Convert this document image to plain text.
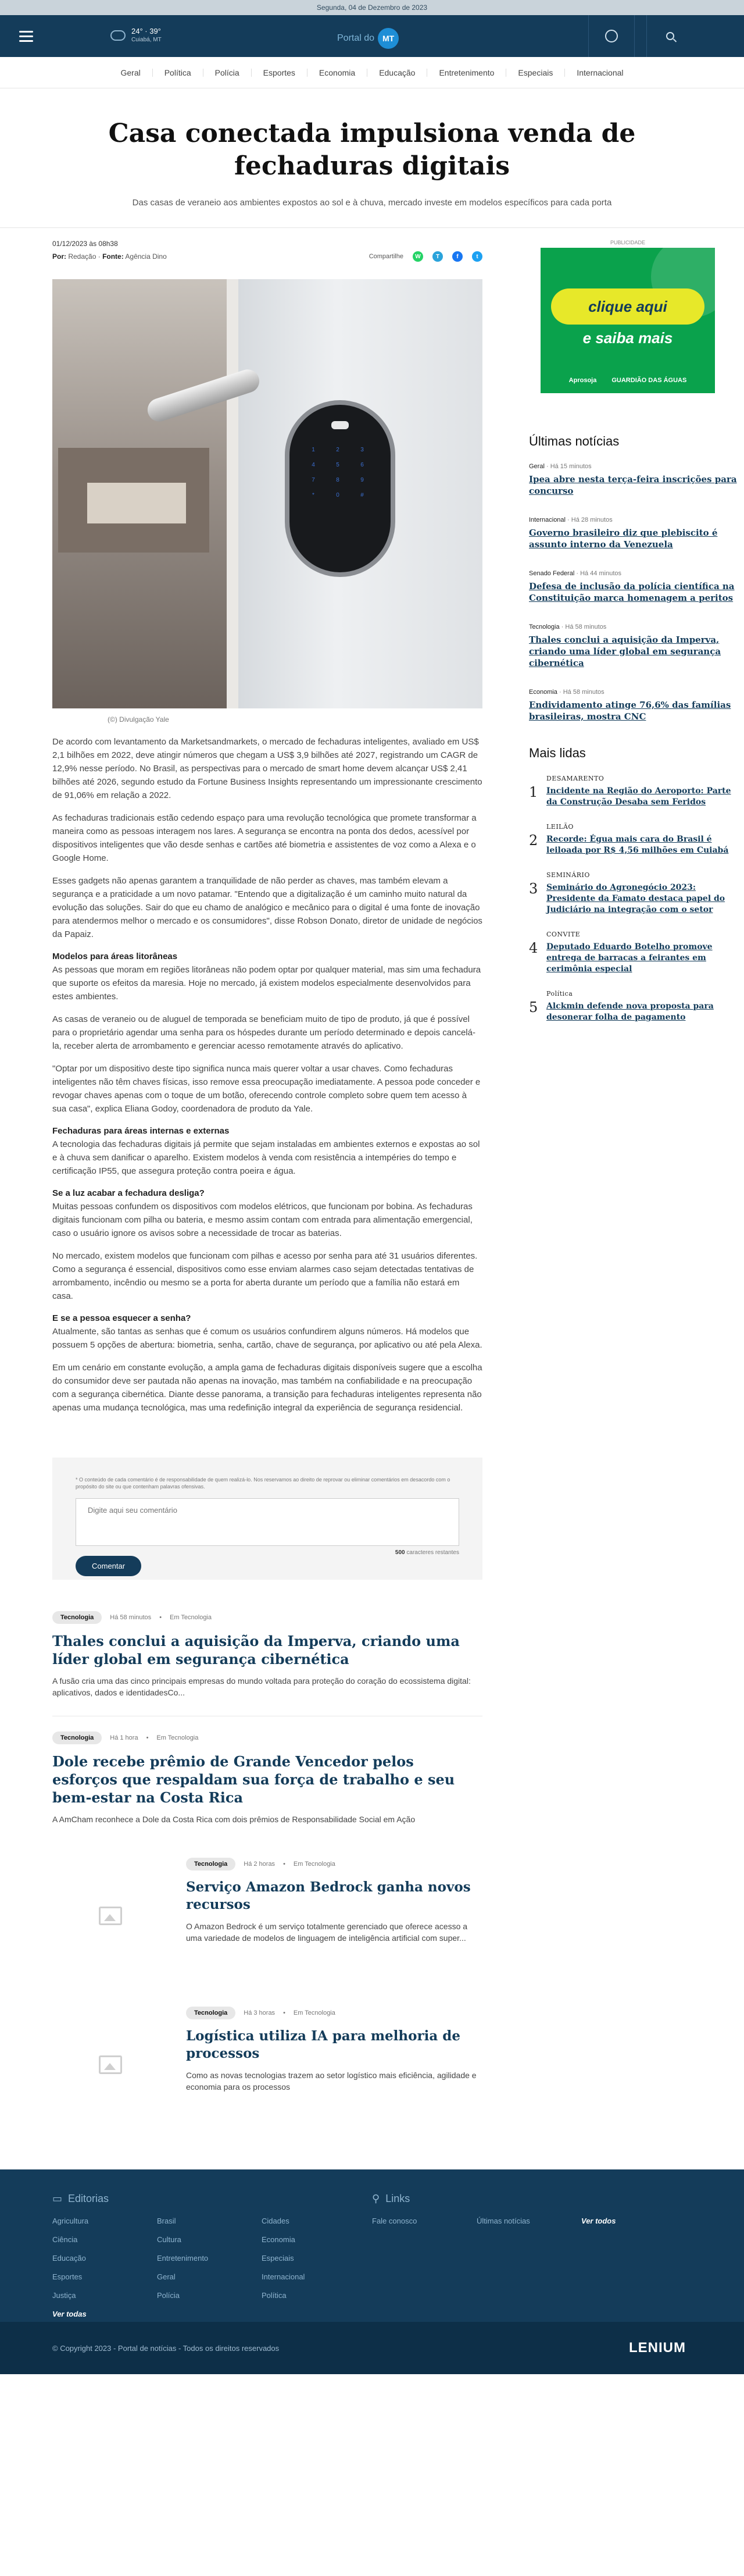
Segunda, 04 de Dezembro de 2023
24° · 39°
Cuiabá, MT	Portal do MT
Geral	Política	Polícia	Esportes	Economia	Educação	Entretenimento	Especiais	Internacional
Casa conectada impulsiona venda de fechaduras digitais

Das casas de veraneio aos ambientes expostos ao sol e à chuva, mercado investe em modelos específicos para cada porta

01/12/2023 às 08h38
Por: Redação · Fonte: Agência Dino	Compartilhe	W	T	f	t
1	2	3
4	5	6
7	8	9
*	0	#
(©) Divulgação Yale

De acordo com levantamento da Marketsandmarkets, o mercado de fechaduras inteligentes, avaliado em US$ 2,1 bilhões em 2022, deve atingir números que chegam a US$ 3,9 bilhões até 2027, registrando um CAGR de 12,9% nesse período. No Brasil, as perspectivas para o mercado de smart home devem alcançar US$ 2,41 bilhões até 2026, segundo estudo da Fortune Business Insights representando um impressionante crescimento de 91,06% em relação a 2022.

As fechaduras tradicionais estão cedendo espaço para uma revolução tecnológica que promete transformar a maneira como as pessoas interagem nos lares. A segurança se encontra na ponta dos dedos, acessível por dispositivos inteligentes que vão desde senhas e cartões até biometria e assistentes de voz como a Alexa e o Google Home.

Esses gadgets não apenas garantem a tranquilidade de não perder as chaves, mas também elevam a segurança e a praticidade a um novo patamar. "Entendo que a digitalização é um caminho muito natural da evolução das soluções. Sair do que eu chamo de analógico e mecânico para o digital é uma fonte de inovação para atendermos melhor o mercado e os consumidores", disse Robson Donato, diretor de unidade de negócios da Papaiz.

Modelos para áreas litorâneas

As pessoas que moram em regiões litorâneas não podem optar por qualquer material, mas sim uma fechadura que suporte os efeitos da maresia. Hoje no mercado, já existem modelos especialmente desenvolvidos para estes ambientes.

As casas de veraneio ou de aluguel de temporada se beneficiam muito de tipo de produto, já que é possível para o proprietário agendar uma senha para os hóspedes durante um período determinado e depois cancelá-la, receber alerta de arrombamento e gerenciar acesso remotamente através do aplicativo.

"Optar por um dispositivo deste tipo significa nunca mais querer voltar a usar chaves. Como fechaduras inteligentes não têm chaves físicas, isso remove essa preocupação imediatamente. A pessoa pode conceder e revogar chaves apenas com o toque de um botão, oferecendo controle completo sobre quem tem acesso à sua casa", explica Eliana Godoy, coordenadora de produto da Yale.

Fechaduras para áreas internas e externas

A tecnologia das fechaduras digitais já permite que sejam instaladas em ambientes externos e expostas ao sol e à chuva sem danificar o aparelho. Existem modelos à venda com resistência a intempéries do tempo e certificação IP55, que assegura proteção contra poeira e água.

Se a luz acabar a fechadura desliga?

Muitas pessoas confundem os dispositivos com modelos elétricos, que funcionam por bobina. As fechaduras digitais funcionam com pilha ou bateria, e mesmo assim contam com entrada para alimentação emergencial, caso o usuário ignore os avisos sobre a necessidade de trocar as baterias.

No mercado, existem modelos que funcionam com pilhas e acesso por senha para até 31 usuários diferentes. Como a segurança é essencial, dispositivos como esse enviam alarmes caso sejam detectadas tentativas de arrombamento, incêndio ou mesmo se a porta for aberta durante um período que a família não estará em casa.

E se a pessoa esquecer a senha?

Atualmente, são tantas as senhas que é comum os usuários confundirem alguns números. Há modelos que possuem 5 opções de abertura: biometria, senha, cartão, chave de segurança, por aplicativo ou até pela Alexa.

Em um cenário em constante evolução, a ampla gama de fechaduras digitais disponíveis sugere que a escolha do consumidor deve ser pautada não apenas na inovação, mas também na confiabilidade e na preocupação com a segurança cibernética. Diante desse panorama, a transição para fechaduras inteligentes representa não apenas uma mudança tecnológica, mas uma redefinição integral da experiência de segurança residencial.

* O conteúdo de cada comentário é de responsabilidade de quem realizá-lo. Nos reservamos ao direito de reprovar ou eliminar comentários em desacordo com o propósito do site ou que contenham palavras ofensivas.
Digite aqui seu comentário
500 caracteres restantes
Comentar
Tecnologia	Há 58 minutos • Em Tecnologia
Thales conclui a aquisição da Imperva, criando uma líder global em segurança cibernética

A fusão cria uma das cinco principais empresas do mundo voltada para proteção do coração do ecossistema digital: aplicativos, dados e identidadesCo...

Tecnologia	Há 1 hora • Em Tecnologia
Dole recebe prêmio de Grande Vencedor pelos esforços que respaldam sua força de trabalho e seu bem-estar na Costa Rica

A AmCham reconhece a Dole da Costa Rica com dois prêmios de Responsabilidade Social em Ação

Tecnologia	Há 2 horas • Em Tecnologia
Serviço Amazon Bedrock ganha novos recursos

O Amazon Bedrock é um serviço totalmente gerenciado que oferece acesso a uma variedade de modelos de linguagem de inteligência artificial com super...

Tecnologia	Há 3 horas • Em Tecnologia
Logística utiliza IA para melhoria de processos

Como as novas tecnologias trazem ao setor logístico mais eficiência, agilidade e economia para os processos

PUBLICIDADE
clique aqui
e saiba mais
Aprosoja GUARDIÃO DAS ÁGUAS
Últimas notícias
Geral · Há 15 minutos
Ipea abre nesta terça-feira inscrições para concurso
Internacional · Há 28 minutos
Governo brasileiro diz que plebiscito é assunto interno da Venezuela
Senado Federal · Há 44 minutos
Defesa de inclusão da polícia científica na Constituição marca homenagem a peritos
Tecnologia · Há 58 minutos
Thales conclui a aquisição da Imperva, criando uma líder global em segurança cibernética
Economia · Há 58 minutos
Endividamento atinge 76,6% das famílias brasileiras, mostra CNC
Mais lidas
1
DESAMARENTO
Incidente na Região do Aeroporto: Parte da Construção Desaba sem Feridos
2
LEILÃO
Recorde: Égua mais cara do Brasil é leiloada por R$ 4,56 milhões em Cuiabá
3
SEMINÁRIO
Seminário do Agronegócio 2023: Presidente da Famato destaca papel do Judiciário na integração com o setor
4
CONVITE
Deputado Eduardo Botelho promove entrega de barracas a feirantes em cerimônia especial
5
Política
Alckmin defende nova proposta para desonerar folha de pagamento
▭ Editorias
Agricultura	Brasil	Cidades
Ciência	Cultura	Economia
Educação	Entretenimento	Especiais
Esportes	Geral	Internacional
Justiça	Polícia	Política
Ver todas
⚲ Links
Fale conosco	Últimas notícias	Ver todos
© Copyright 2023 - Portal de notícias - Todos os direitos reservados	LENIUM
